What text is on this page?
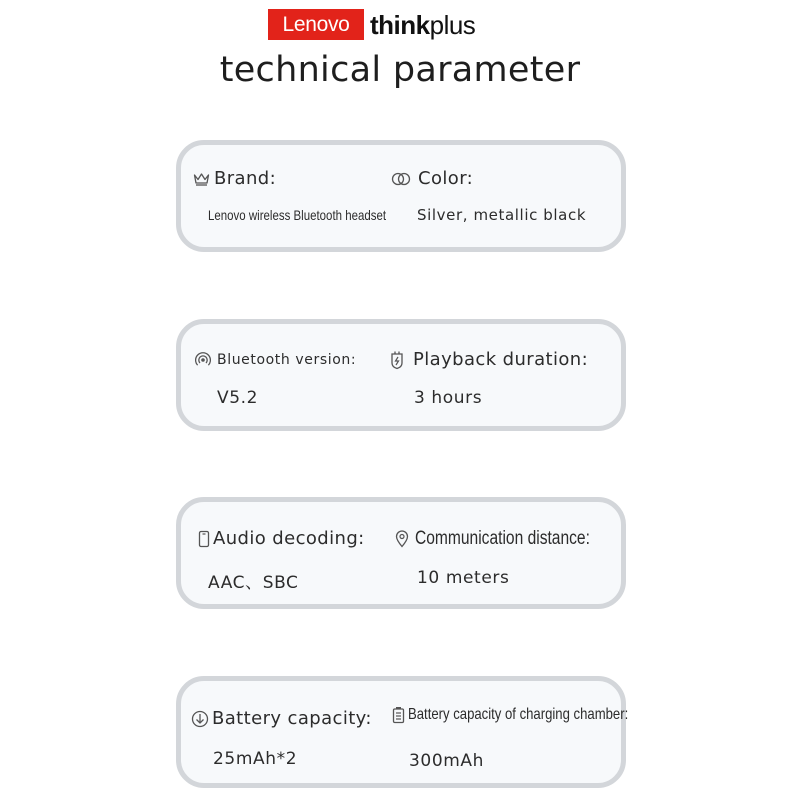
Lenovo thinkplus
technical parameter
Brand:
Lenovo wireless Bluetooth headset
Color:
Silver, metallic black
Bluetooth version:
V5.2
Playback duration:
3 hours
Audio decoding:
AAC、SBC
Communication distance:
10 meters
Battery capacity:
25mAh*2
Battery capacity of charging chamber:
300mAh
